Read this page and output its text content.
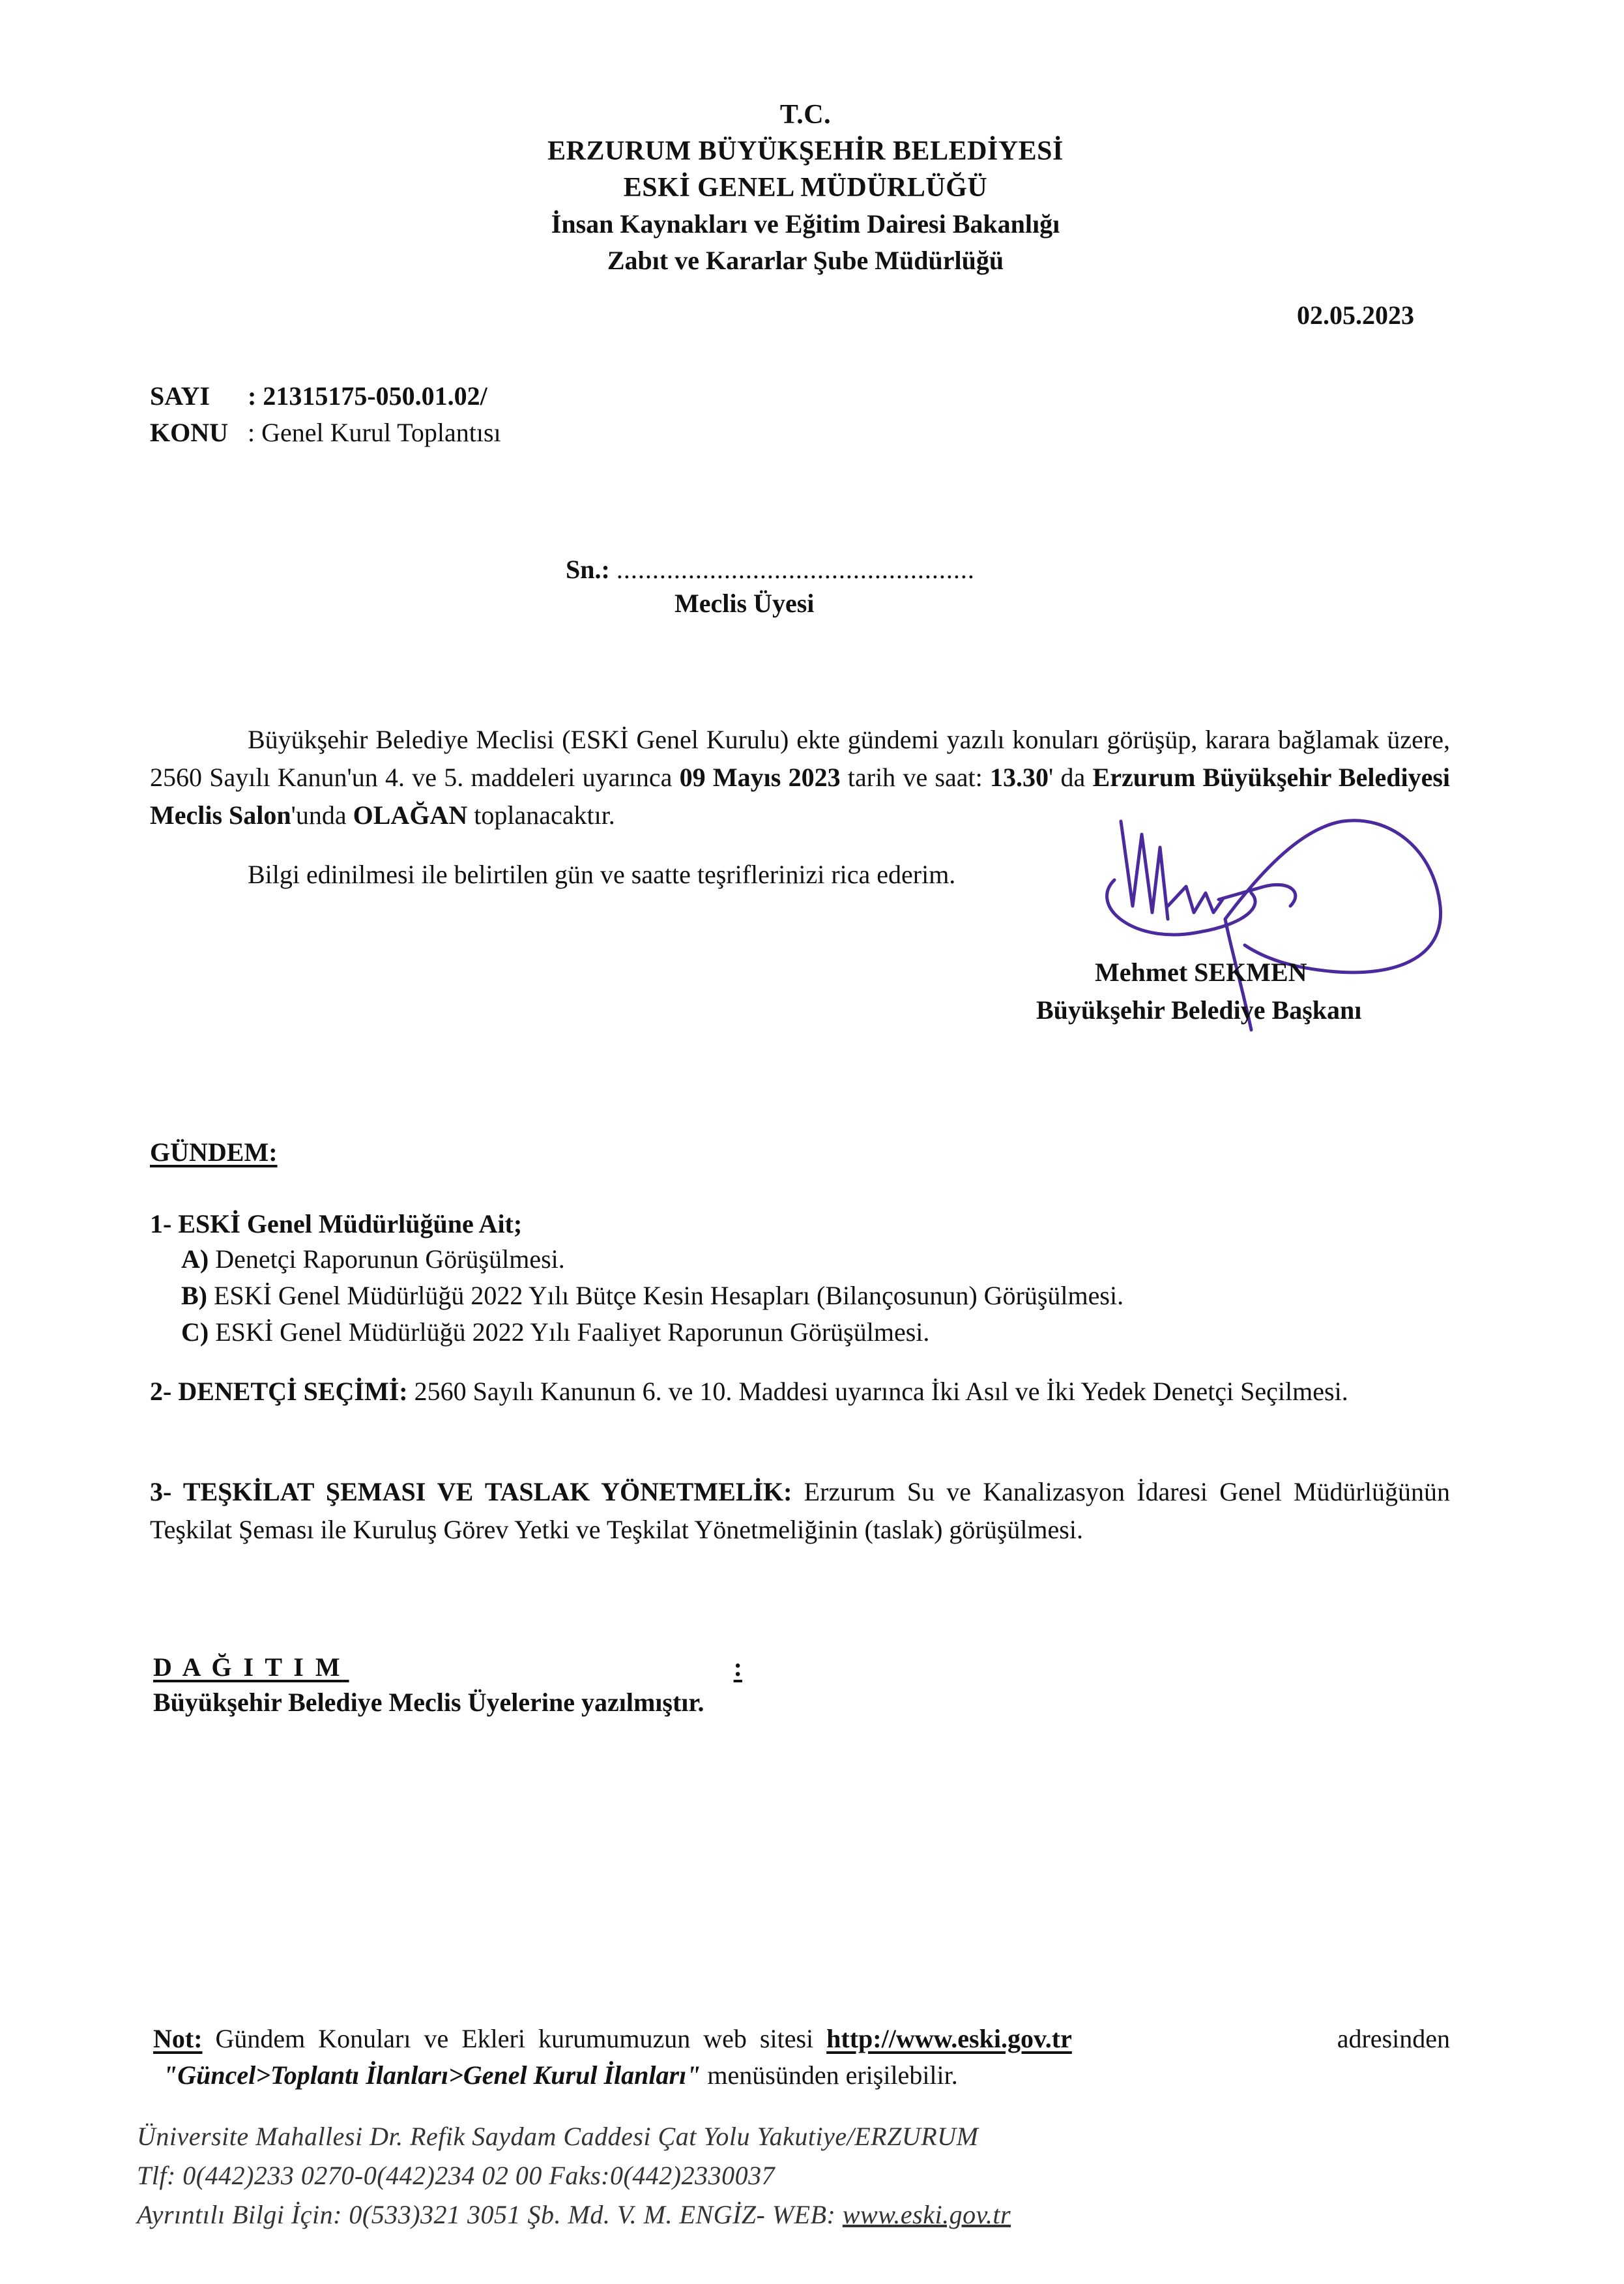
T.C.
ERZURUM BÜYÜKŞEHİR BELEDİYESİ
ESKİ GENEL MÜDÜRLÜĞÜ
İnsan Kaynakları ve Eğitim Dairesi Bakanlığı
Zabıt ve Kararlar Şube Müdürlüğü
02.05.2023
SAYI : 21315175-050.01.02/
KONU : Genel Kurul Toplantısı
Sn.: ..................................................
Meclis Üyesi
Büyükşehir Belediye Meclisi (ESKİ Genel Kurulu) ekte gündemi yazılı konuları görüşüp, karara bağlamak üzere, 2560 Sayılı Kanun'un 4. ve 5. maddeleri uyarınca 09 Mayıs 2023 tarih ve saat: 13.30' da Erzurum Büyükşehir Belediyesi Meclis Salon'unda OLAĞAN toplanacaktır.
Bilgi edinilmesi ile belirtilen gün ve saatte teşriflerinizi rica ederim.
Mehmet SEKMEN
Büyükşehir Belediye Başkanı
GÜNDEM:
1- ESKİ Genel Müdürlüğüne Ait;
A) Denetçi Raporunun Görüşülmesi.
B) ESKİ Genel Müdürlüğü 2022 Yılı Bütçe Kesin Hesapları (Bilançosunun) Görüşülmesi.
C) ESKİ Genel Müdürlüğü 2022 Yılı Faaliyet Raporunun Görüşülmesi.
2- DENETÇİ SEÇİMİ: 2560 Sayılı Kanunun 6. ve 10. Maddesi uyarınca İki Asıl ve İki Yedek Denetçi Seçilmesi.
3- TEŞKİLAT ŞEMASI VE TASLAK YÖNETMELİK: Erzurum Su ve Kanalizasyon İdaresi Genel Müdürlüğünün Teşkilat Şeması ile Kuruluş Görev Yetki ve Teşkilat Yönetmeliğinin (taslak) görüşülmesi.
D A Ğ I T I M	:
Büyükşehir Belediye Meclis Üyelerine yazılmıştır.
Not: Gündem Konuları ve Ekleri kurumumuzun web sitesi http://www.eski.gov.tr	adresinden
"Güncel>Toplantı İlanları>Genel Kurul İlanları" menüsünden erişilebilir.
Üniversite Mahallesi Dr. Refik Saydam Caddesi Çat Yolu Yakutiye/ERZURUM
Tlf: 0(442)233 0270-0(442)234 02 00 Faks:0(442)2330037
Ayrıntılı Bilgi İçin: 0(533)321 3051 Şb. Md. V. M. ENGİZ- WEB: www.eski.gov.tr
